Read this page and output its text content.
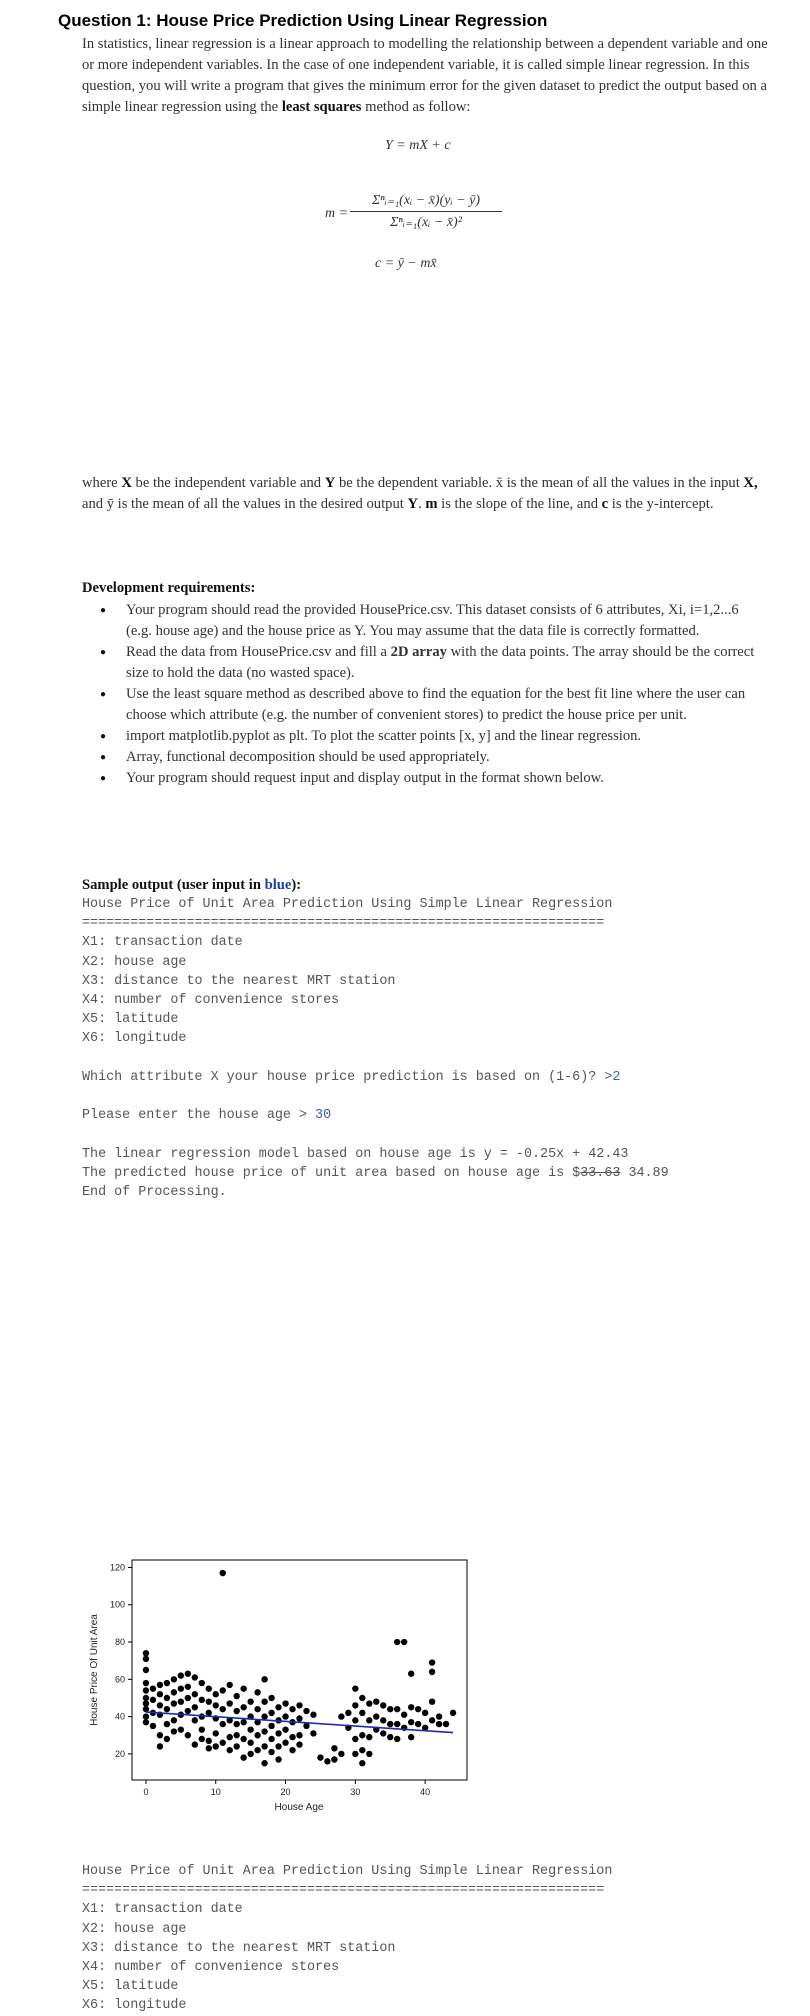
Question 1: House Price Prediction Using Linear Regression

In statistics, linear regression is a linear approach to modelling the relationship between a dependent variable and one or more independent variables. In the case of one independent variable, it is called simple linear regression. In this question, you will write a program that gives the minimum error for the given dataset to predict the output based on a simple linear regression using the least squares method as follow:

Y = mX + c
m =
Σⁿᵢ₌₁(xᵢ − x̄)(yᵢ − ȳ)
Σⁿᵢ₌₁(xᵢ − x̄)²
c = ȳ − mx̄

where X be the independent variable and Y be the dependent variable. x̄ is the mean of all the values in the input X, and ȳ is the mean of all the values in the desired output Y. m is the slope of the line, and c is the y-intercept.

Development requirements:
● Your program should read the provided HousePrice.csv. This dataset consists of 6 attributes, Xi, i=1,2...6 (e.g. house age) and the house price as Y. You may assume that the data file is correctly formatted.
● Read the data from HousePrice.csv and fill a 2D array with the data points. The array should be the correct size to hold the data (no wasted space).
● Use the least square method as described above to find the equation for the best fit line where the user can choose which attribute (e.g. the number of convenient stores) to predict the house price per unit.
● import matplotlib.pyplot as plt. To plot the scatter points [x, y] and the linear regression.
● Array, functional decomposition should be used appropriately.
● Your program should request input and display output in the format shown below.
Sample output (user input in blue):
House Price of Unit Area Prediction Using Simple Linear Regression
=================================================================
X1: transaction date
X2: house age
X3: distance to the nearest MRT station
X4: number of convenience stores
X5: latitude
X6: longitude

Which attribute X your house price prediction is based on (1-6)? >2

Please enter the house age > 30

The linear regression model based on house age is y = -0.25x + 42.43
The predicted house price of unit area based on house age is $33.63 34.89
End of Processing.
0	10	20	30	40
20
40
60
80
100
120
House Age
House Price Of Unit Area
House Price of Unit Area Prediction Using Simple Linear Regression
=================================================================
X1: transaction date
X2: house age
X3: distance to the nearest MRT station
X4: number of convenience stores
X5: latitude
X6: longitude
